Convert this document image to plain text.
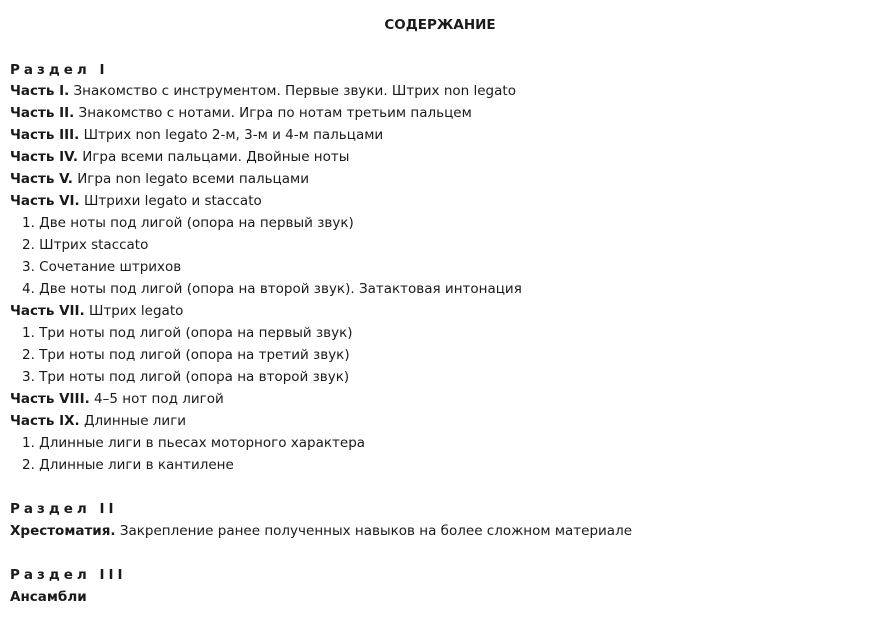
СОДЕРЖАНИЕ
Раздел I
Часть I. Знакомство с инструментом. Первые звуки. Штрих non legato
Часть II. Знакомство с нотами. Игра по нотам третьим пальцем
Часть III. Штрих non legato 2-м, 3-м и 4-м пальцами
Часть IV. Игра всеми пальцами. Двойные ноты
Часть V. Игра non legato всеми пальцами
Часть VI. Штрихи legato и staccato
1. Две ноты под лигой (опора на первый звук)
2. Штрих staccato
3. Сочетание штрихов
4. Две ноты под лигой (опора на второй звук). Затактовая интонация
Часть VII. Штрих legato
1. Три ноты под лигой (опора на первый звук)
2. Три ноты под лигой (опора на третий звук)
3. Три ноты под лигой (опора на второй звук)
Часть VIII. 4–5 нот под лигой
Часть IX. Длинные лиги
1. Длинные лиги в пьесах моторного характера
2. Длинные лиги в кантилене
Раздел II
Хрестоматия. Закрепление ранее полученных навыков на более сложном материале
Раздел III
Ансамбли
